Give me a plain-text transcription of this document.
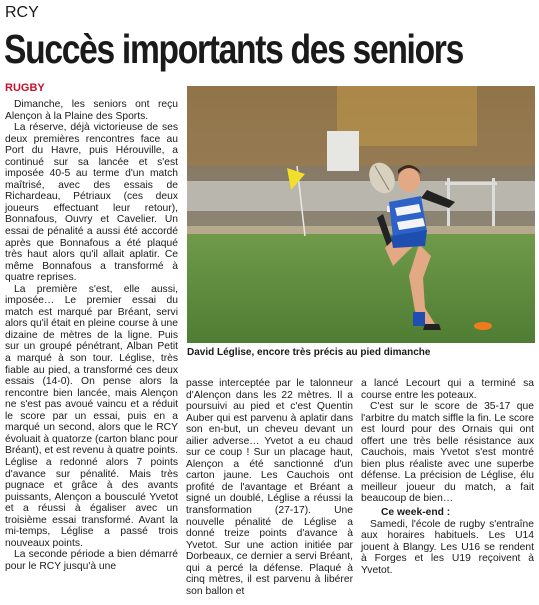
RCY
Succès importants des seniors
RUGBY

Dimanche, les seniors ont reçu Alençon à la Plaine des Sports.

La réserve, déjà victorieuse de ses deux premières rencontres face au Port du Havre, puis Hérouville, a continué sur sa lancée et s'est imposée 40-5 au terme d'un match maîtrisé, avec des essais de Richardeau, Pétriaux (ces deux joueurs effectuant leur retour), Bonnafous, Ouvry et Cavelier. Un essai de pénalité a aussi été accordé après que Bonnafous a été plaqué très haut alors qu'il allait aplatir. Ce même Bonnafous a transformé à quatre reprises.

La première s'est, elle aussi, imposée… Le premier essai du match est marqué par Bréant, servi alors qu'il était en pleine course à une dizaine de mètres de la ligne. Puis sur un groupé pénétrant, Alban Petit a marqué à son tour. Léglise, très fiable au pied, a transformé ces deux essais (14-0). On pense alors la rencontre bien lancée, mais Alençon ne s'est pas avoué vaincu et a réduit le score par un essai, puis en a marqué un second, alors que le RCY évoluait à quatorze (carton blanc pour Bréant), et est revenu à quatre points. Léglise a redonné alors 7 points d'avance sur pénalité. Mais très pugnace et grâce à des avants puissants, Alençon a bousculé Yvetot et a réussi à égaliser avec un troisième essai transformé. Avant la mi-temps, Léglise a passé trois nouveaux points.

La seconde période a bien démarré pour le RCY jusqu'à une

David Léglise, encore très précis au pied dimanche

passe interceptée par le talonneur d'Alençon dans les 22 mètres. Il a poursuivi au pied et c'est Quentin Auber qui est parvenu à aplatir dans son en-but, un cheveu devant un ailier adverse… Yvetot a eu chaud sur ce coup ! Sur un placage haut, Alençon a été sanctionné d'un carton jaune. Les Cauchois ont profité de l'avantage et Bréant a signé un doublé, Léglise a réussi la transformation (27-17). Une nouvelle pénalité de Léglise a donné treize points d'avance à Yvetot. Sur une action initiée par Dorbeaux, ce dernier a servi Bréant, qui a percé la défense. Plaqué à cinq mètres, il est parvenu à libérer son ballon et

a lancé Lecourt qui a terminé sa course entre les poteaux.

C'est sur le score de 35-17 que l'arbitre du match siffle la fin. Le score est lourd pour des Ornais qui ont offert une très belle résistance aux Cauchois, mais Yvetot s'est montré bien plus réaliste avec une superbe défense. La précision de Léglise, élu meilleur joueur du match, a fait beaucoup de bien…

Ce week-end :

Samedi, l'école de rugby s'entraîne aux horaires habituels. Les U14 jouent à Blangy. Les U16 se rendent à Forges et les U19 reçoivent à Yvetot.
